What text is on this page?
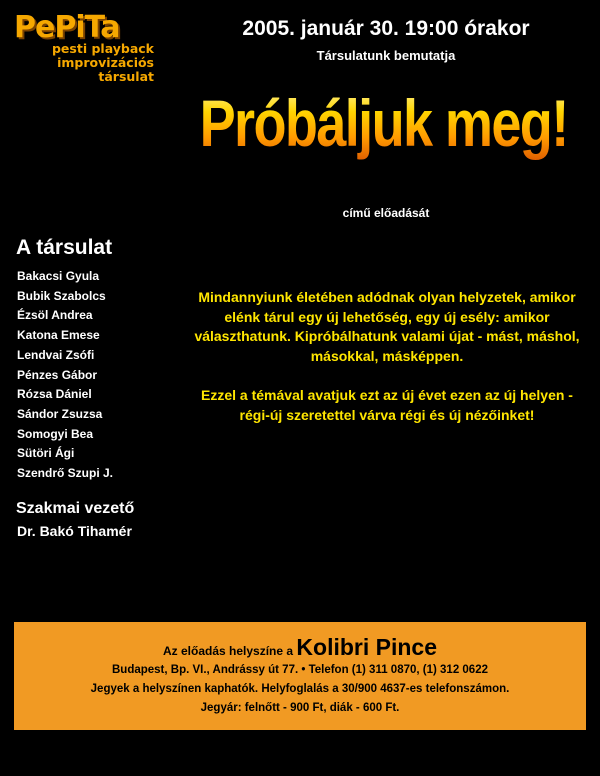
PePiTa
pesti playback
improvizációs
társulat
2005. január 30. 19:00 órakor
Társulatunk bemutatja
Próbáljuk meg!
című előadását
A társulat
Bakacsi Gyula
Bubik Szabolcs
Ézsöl Andrea
Katona Emese
Lendvai Zsófi
Pénzes Gábor
Rózsa Dániel
Sándor Zsuzsa
Somogyi Bea
Sütöri Ági
Szendrő Szupi J.
Szakmai vezető
Dr. Bakó Tihamér

Mindannyiunk életében adódnak olyan helyzetek, amikor elénk tárul egy új lehetőség, egy új esély: amikor választhatunk. Kipróbálhatunk valami újat - mást, máshol, másokkal, másképpen.

Ezzel a témával avatjuk ezt az új évet ezen az új helyen - régi-új szeretettel várva régi és új nézőinket!

Az előadás helyszíne a Kolibri Pince
Budapest, Bp. VI., Andrássy út 77. • Telefon (1) 311 0870, (1) 312 0622
Jegyek a helyszínen kaphatók. Helyfoglalás a 30/900 4637-es telefonszámon.
Jegyár: felnőtt - 900 Ft, diák - 600 Ft.
